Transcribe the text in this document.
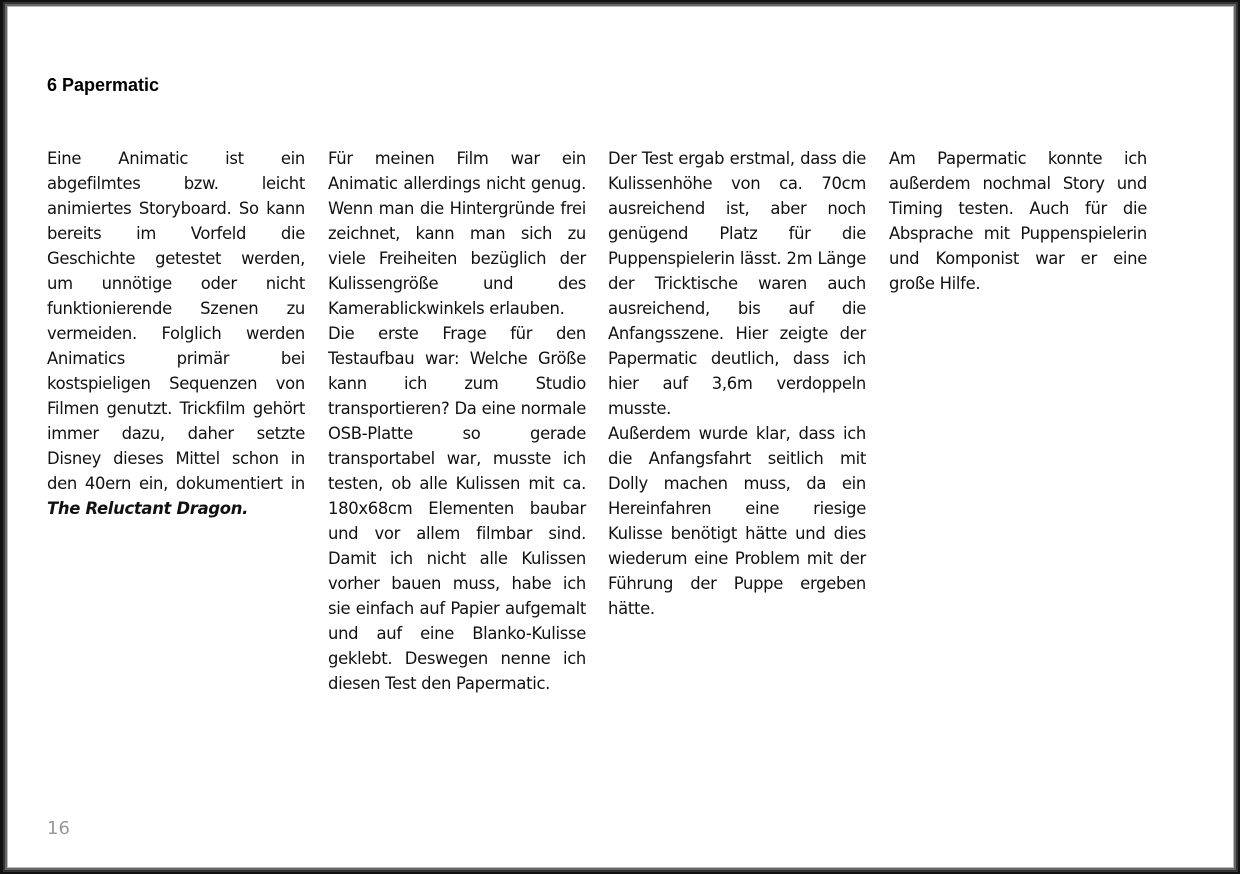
6 Papermatic

Eine Animatic ist ein abgefilmtes bzw. leicht animiertes Storyboard. So kann bereits im Vorfeld die Geschichte getestet werden, um unnötige oder nicht funktionierende Szenen zu vermeiden. Folglich werden Animatics primär bei kostspieligen Sequenzen von Filmen genutzt. Trickfilm gehört immer dazu, daher setzte Disney dieses Mittel schon in den 40ern ein, dokumentiert in The Reluctant Dragon.

Für meinen Film war ein Animatic allerdings nicht genug. Wenn man die Hintergründe frei zeichnet, kann man sich zu viele Freiheiten bezüglich der Kulissengröße und des Kamerablickwinkels erlauben.

Die erste Frage für den Testaufbau war: Welche Größe kann ich zum Studio transportieren? Da eine normale OSB-Platte so gerade transportabel war, musste ich testen, ob alle Kulissen mit ca. 180x68cm Elementen baubar und vor allem filmbar sind. Damit ich nicht alle Kulissen vorher bauen muss, habe ich sie einfach auf Papier aufgemalt und auf eine Blanko-Kulisse geklebt. Deswegen nenne ich diesen Test den Papermatic.

Der Test ergab erstmal, dass die Kulissenhöhe von ca. 70cm ausreichend ist, aber noch genügend Platz für die Puppenspielerin lässt. 2m Länge der Tricktische waren auch ausreichend, bis auf die Anfangsszene. Hier zeigte der Papermatic deutlich, dass ich hier auf 3,6m verdoppeln musste.

Außerdem wurde klar, dass ich die Anfangsfahrt seitlich mit Dolly machen muss, da ein Hereinfahren eine riesige Kulisse benötigt hätte und dies wiederum eine Problem mit der Führung der Puppe ergeben hätte.

Am Papermatic konnte ich außerdem nochmal Story und Timing testen. Auch für die Absprache mit Puppenspielerin und Komponist war er eine große Hilfe.

16
